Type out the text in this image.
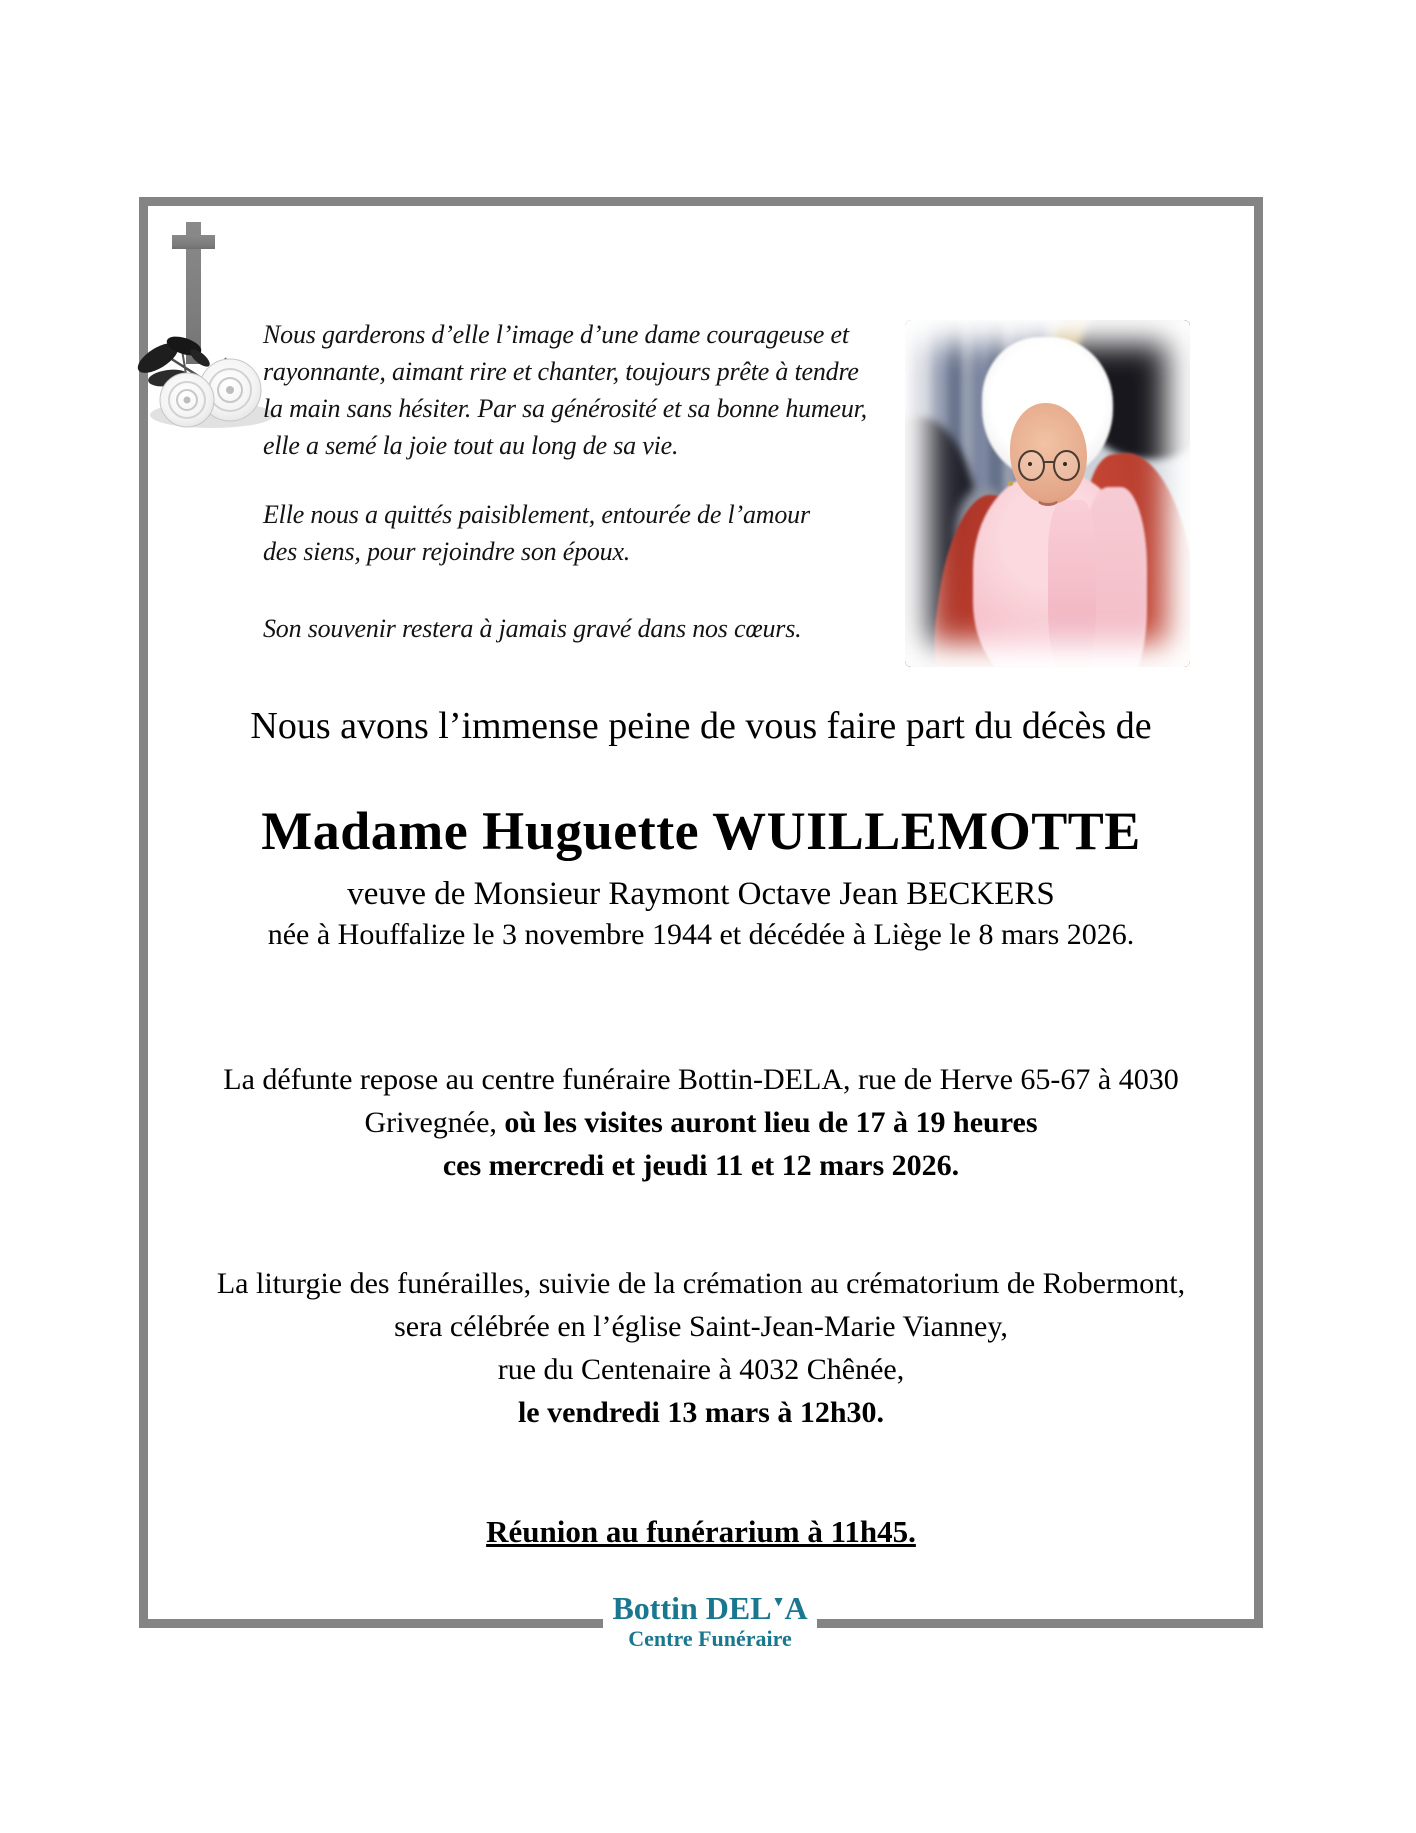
Nous garderons d’elle l’image d’une dame courageuse et
rayonnante, aimant rire et chanter, toujours prête à tendre
la main sans hésiter. Par sa générosité et sa bonne humeur,
elle a semé la joie tout au long de sa vie.
Elle nous a quittés paisiblement, entourée de l’amour
des siens, pour rejoindre son époux.
Son souvenir restera à jamais gravé dans nos cœurs.
Nous avons l’immense peine de vous faire part du décès de
Madame Huguette WUILLEMOTTE
veuve de Monsieur Raymont Octave Jean BECKERS
née à Houffalize le 3 novembre 1944 et décédée à Liège le 8 mars 2026.
La défunte repose au centre funéraire Bottin-DELA, rue de Herve 65-67 à 4030
Grivegnée, où les visites auront lieu de 17 à 19 heures
ces mercredi et jeudi 11 et 12 mars 2026.
La liturgie des funérailles, suivie de la crémation au crématorium de Robermont,
sera célébrée en l’église Saint-Jean-Marie Vianney,
rue du Centenaire à 4032 Chênée,
le vendredi 13 mars à 12h30.
Réunion au funérarium à 11h45.
Bottin DEL▼A
Centre Funéraire
